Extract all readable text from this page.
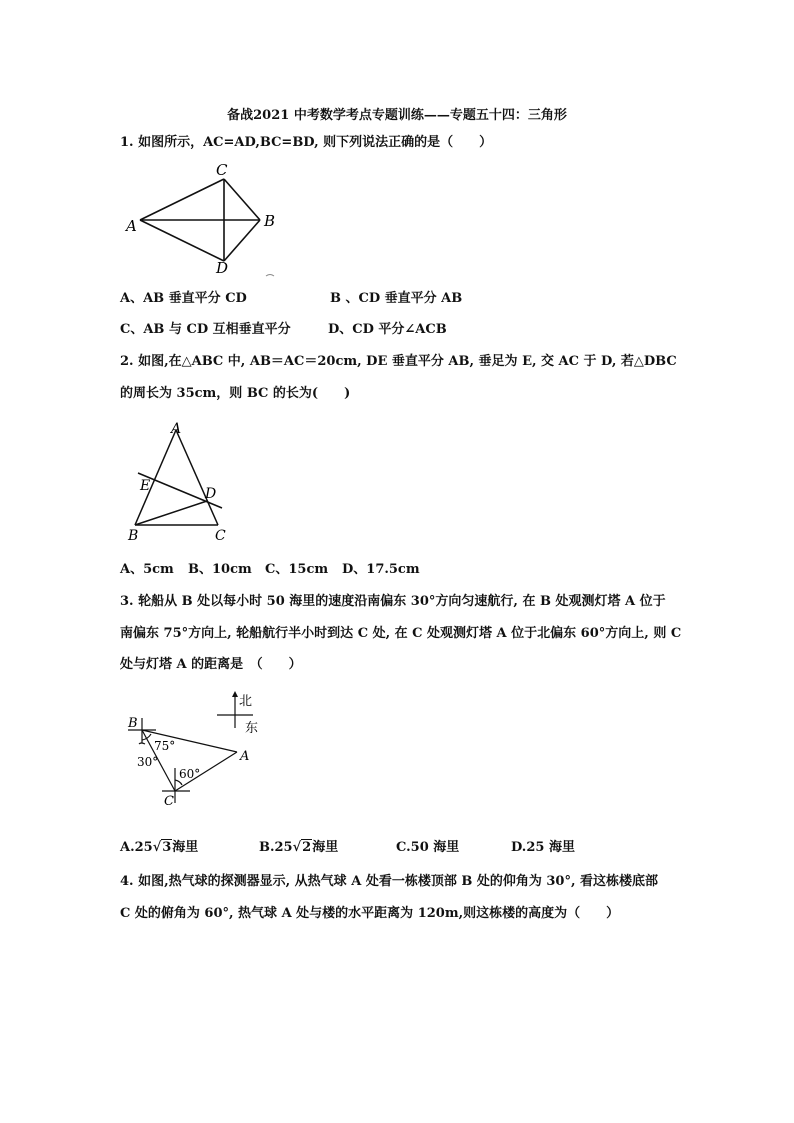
备战2021 中考数学考点专题训练——专题五十四：三角形
1. 如图所示，AC=AD,BC=BD, 则下列说法正确的是（　　）
C
A	B
D
A、AB 垂直平分 CD	B 、CD 垂直平分 AB
C、AB 与 CD 互相垂直平分	D、CD 平分∠ACB
2. 如图,在△ABC 中, AB＝AC＝20cm, DE 垂直平分 AB, 垂足为 E, 交 AC 于 D, 若△DBC
的周长为 35cm，则 BC 的长为(　　)
A
E	D
B	C
A、5cm B、10cm C、15cm D、17.5cm
3. 轮船从 B 处以每小时 50 海里的速度沿南偏东 30°方向匀速航行, 在 B 处观测灯塔 A 位于
南偏东 75°方向上, 轮船航行半小时到达 C 处, 在 C 处观测灯塔 A 位于北偏东 60°方向上, 则 C
处与灯塔 A 的距离是　（　　）
北
东
B
75°
30°	A
60°
C
A.25√3海里	B.25√2海里	C.50 海里	D.25 海里
4. 如图,热气球的探测器显示, 从热气球 A 处看一栋楼顶部 B 处的仰角为 30°, 看这栋楼底部
C 处的俯角为 60°, 热气球 A 处与楼的水平距离为 120m,则这栋楼的高度为（　　）
